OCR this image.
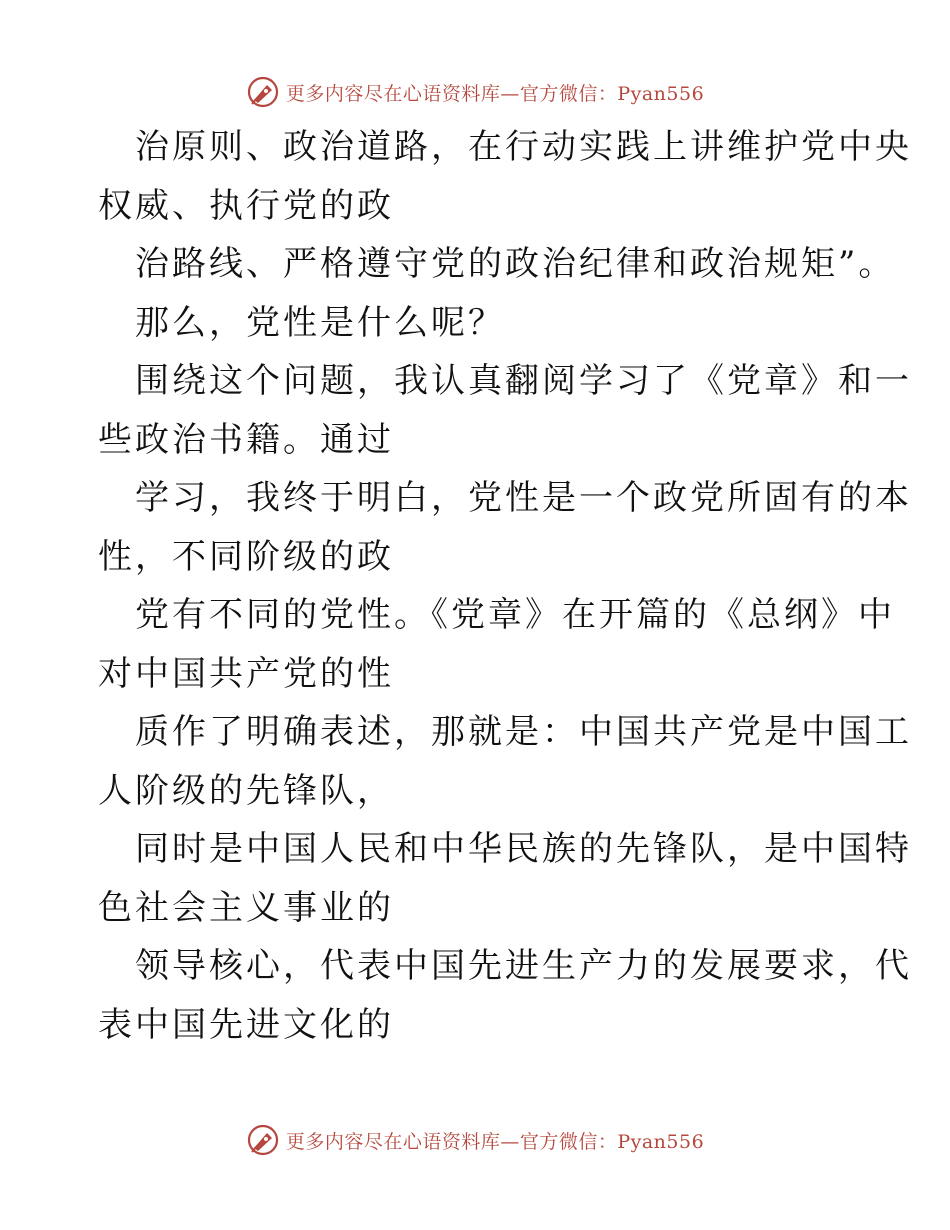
更多内容尽在心语资料库—官方微信：Pyan556

治原则、政治道路，在行动实践上讲维护党中央

权威、执行党的政

治路线、严格遵守党的政治纪律和政治规矩”。

那么，党性是什么呢？

围绕这个问题，我认真翻阅学习了《党章》和一

些政治书籍。通过

学习，我终于明白，党性是一个政党所固有的本

性，不同阶级的政

党有不同的党性。《党章》在开篇的《总纲》中

对中国共产党的性

质作了明确表述，那就是：中国共产党是中国工

人阶级的先锋队，

同时是中国人民和中华民族的先锋队，是中国特

色社会主义事业的

领导核心，代表中国先进生产力的发展要求，代

表中国先进文化的

更多内容尽在心语资料库—官方微信：Pyan556
